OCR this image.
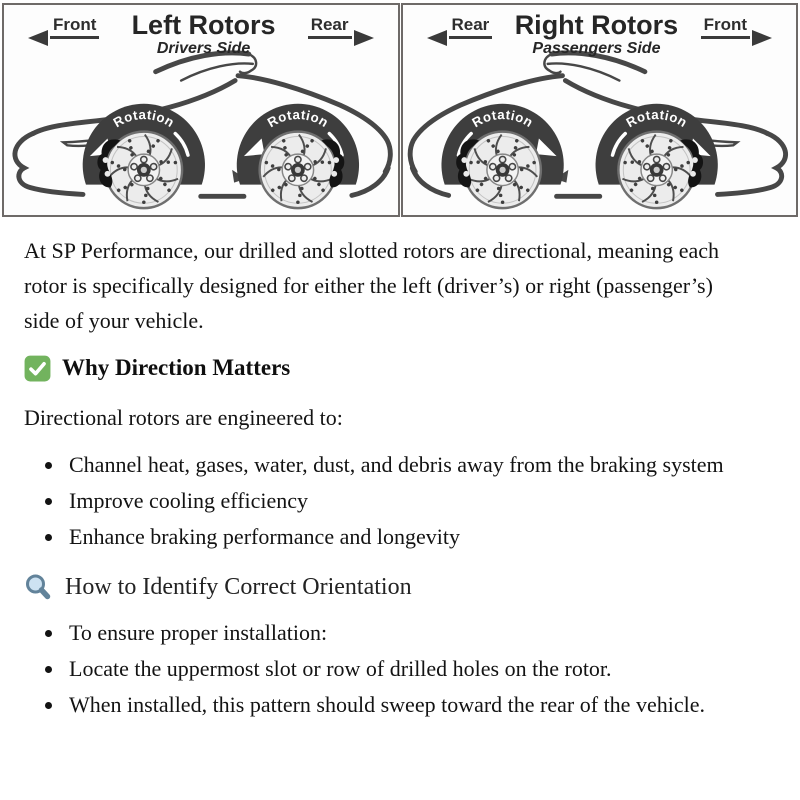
Rotation	Rotation
Front	Left Rotors
Drivers Side
Rear
Rotation	Rotation
Rear Right Rotors
Passengers Side
Front

At SP Performance, our drilled and slotted rotors are directional, meaning each rotor is specifically designed for either the left (driver’s) or right (passenger’s) side of your vehicle.

Why Direction Matters

Directional rotors are engineered to:

• Channel heat, gases, water, dust, and debris away from the braking system
• Improve cooling efficiency
• Enhance braking performance and longevity
How to Identify Correct Orientation
• To ensure proper installation:
• Locate the uppermost slot or row of drilled holes on the rotor.
• When installed, this pattern should sweep toward the rear of the vehicle.
